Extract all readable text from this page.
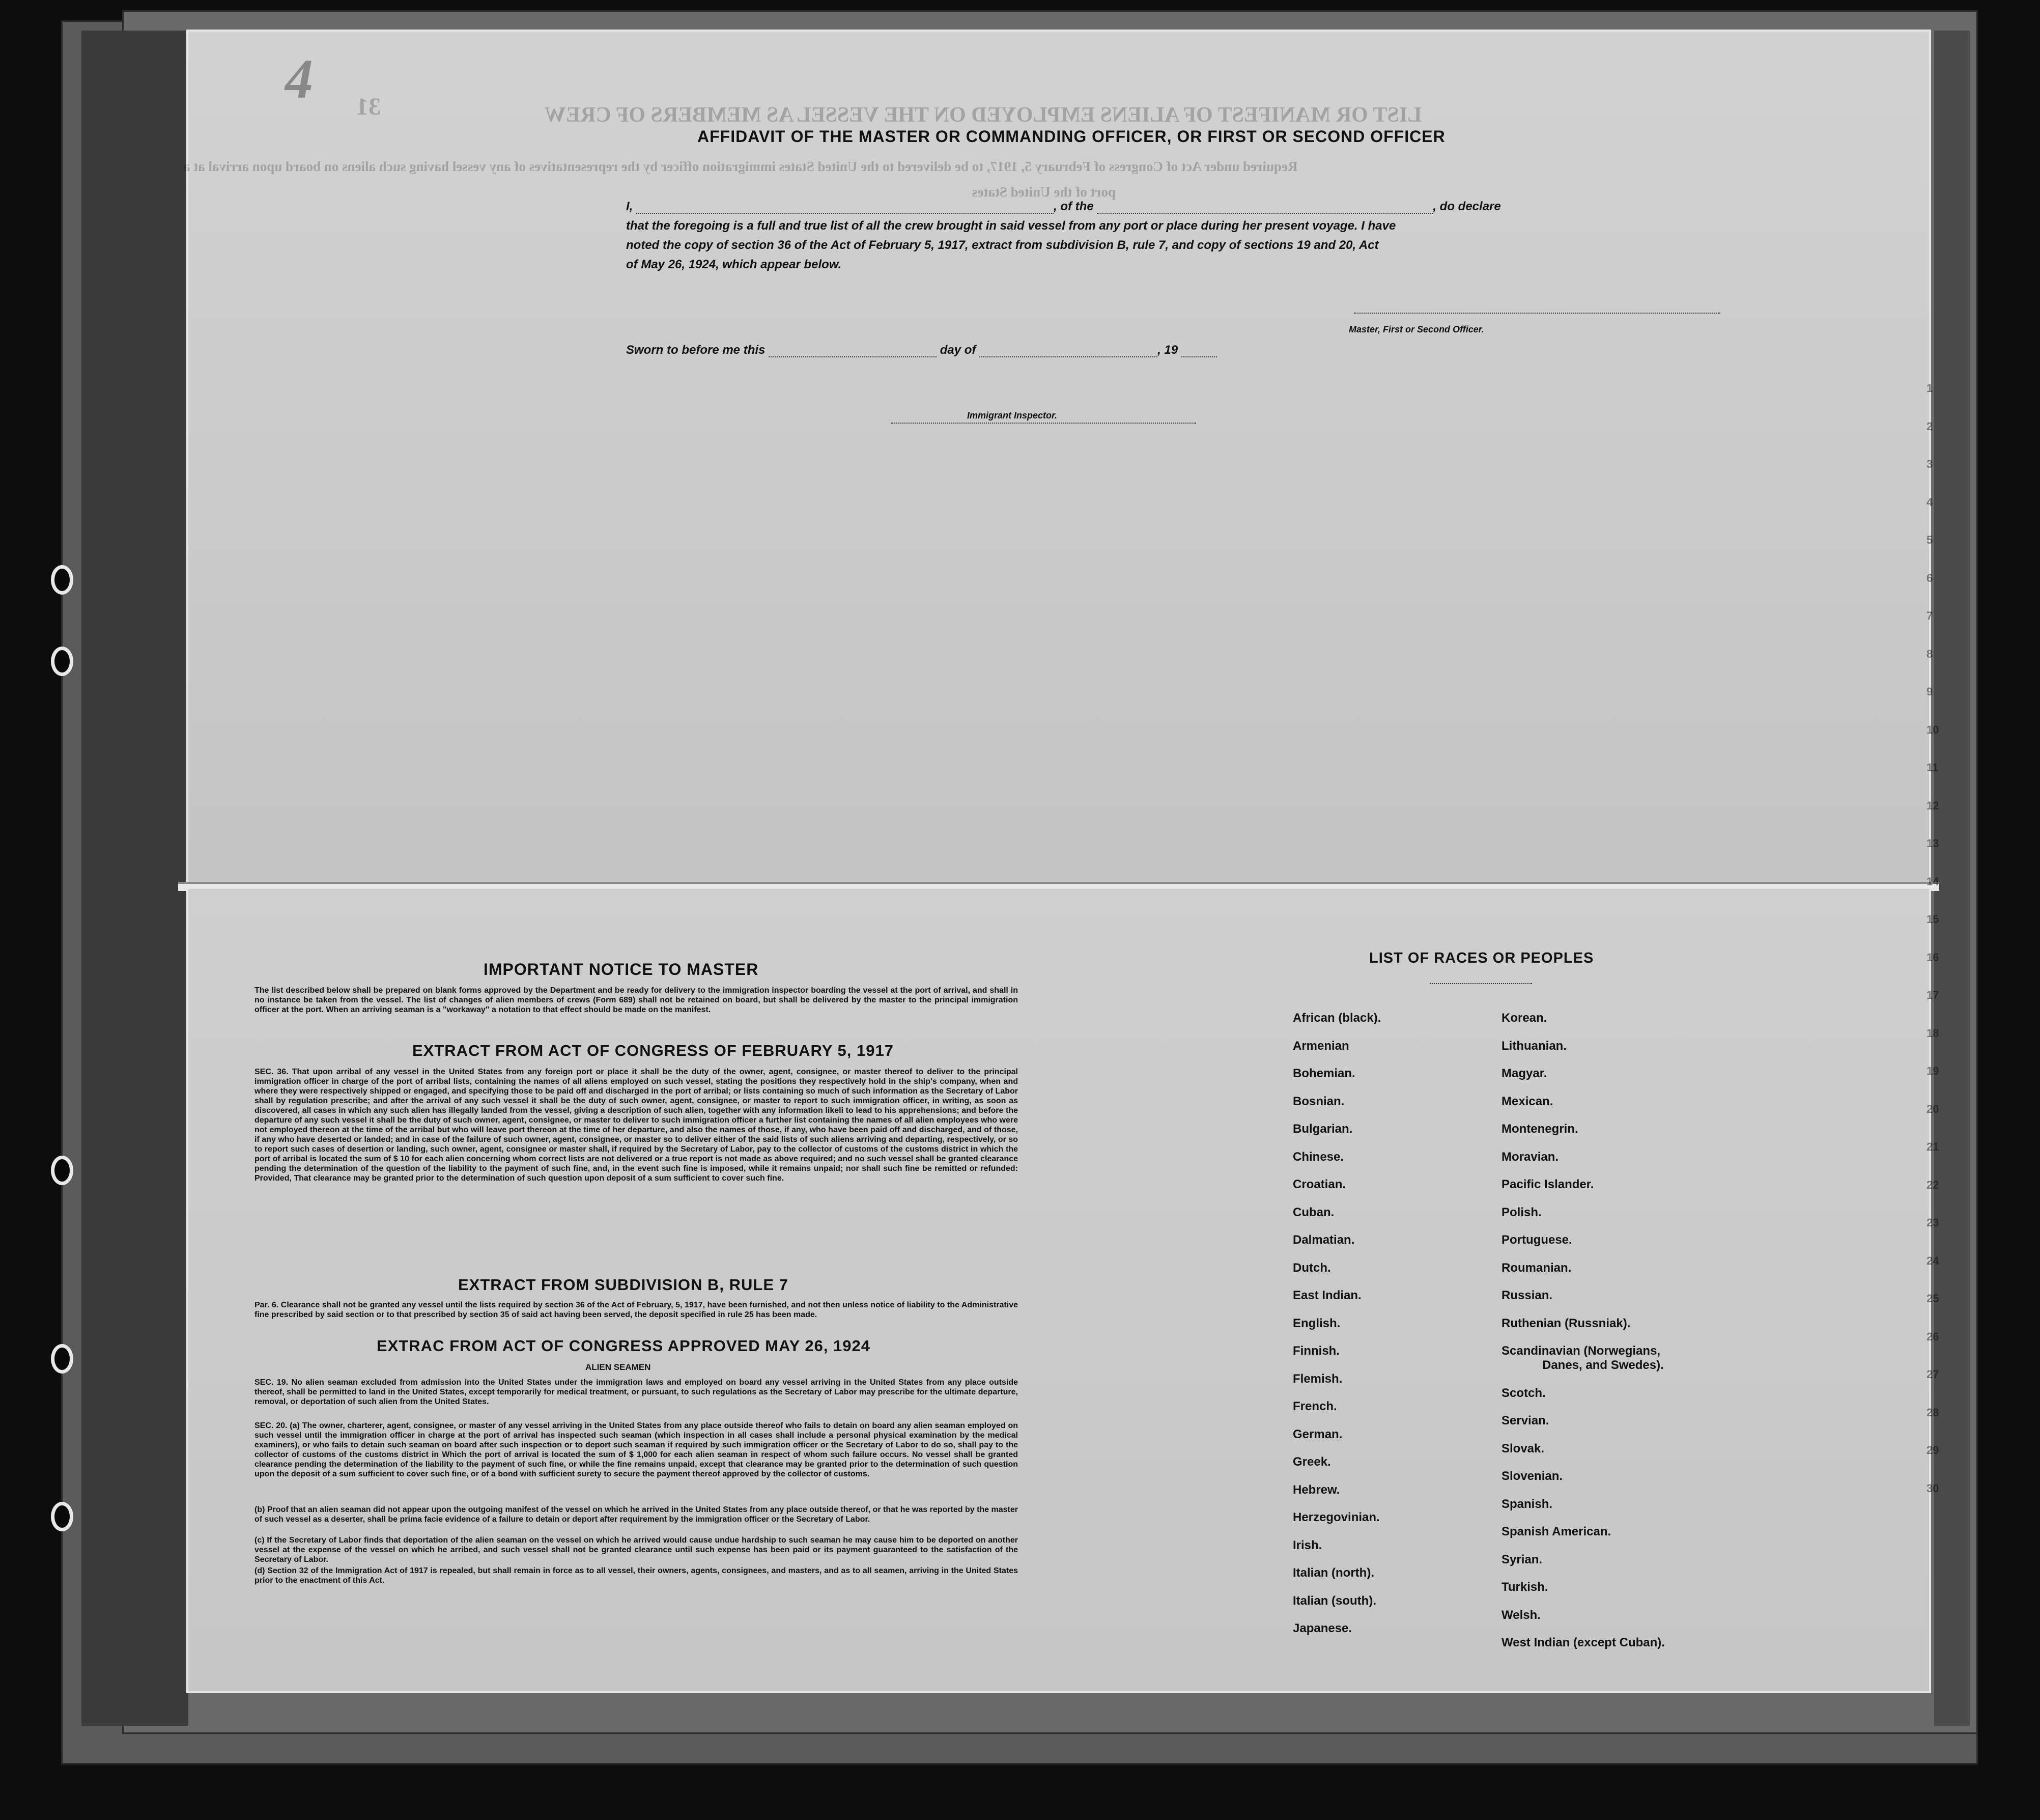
LIST OR MANIFEST OF ALIENS EMPLOYED ON THE VESSEL AS MEMBERS OF CREW
31
Required under Act of Congress of February 5, 1917, to be delivered to the United States immigration officer by the representatives of any vessel having such aliens on board upon arrival at a
port of the United States
4
AFFIDAVIT OF THE MASTER OR COMMANDING OFFICER, OR FIRST OR SECOND OFFICER
I,	, of the	, do declare
that the foregoing is a full and true list of all the crew brought in said vessel from any port or place during her present voyage. I have
noted the copy of section 36 of the Act of February 5, 1917, extract from subdivision B, rule 7, and copy of sections 19 and 20, Act
of May 26, 1924, which appear below.
Master, First or Second Officer.
Sworn to before me this	day of	, 19
Immigrant Inspector.
IMPORTANT NOTICE TO MASTER
The list described below shall be prepared on blank forms approved by the Department and be ready for delivery to the immigration inspector boarding the vessel at the port of arrival, and shall in no instance be taken from the vessel. The list of changes of alien members of crews (Form 689) shall not be retained on board, but shall be delivered by the master to the principal immigration officer at the port. When an arriving seaman is a "workaway" a notation to that effect should be made on the manifest.
EXTRACT FROM ACT OF CONGRESS OF FEBRUARY 5, 1917
SEC. 36. That upon arribal of any vessel in the United States from any foreign port or place it shall be the duty of the owner, agent, consignee, or master thereof to deliver to the principal immigration officer in charge of the port of arribal lists, containing the names of all aliens employed on such vessel, stating the positions they respectively hold in the ship's company, when and where they were respectively shipped or engaged, and specifying those to be paid off and discharged in the port of arribal; or lists containing so much of such information as the Secretary of Labor shall by regulation prescribe; and after the arrival of any such vessel it shall be the duty of such owner, agent, consignee, or master to report to such immigration officer, in writing, as soon as discovered, all cases in which any such alien has illegally landed from the vessel, giving a description of such alien, together with any information likeli to lead to his apprehensions; and before the departure of any such vessel it shall be the duty of such owner, agent, consignee, or master to deliver to such immigration officer a further list containing the names of all alien employees who were not employed thereon at the time of the arribal but who will leave port thereon at the time of her departure, and also the names of those, if any, who have been paid off and discharged, and of those, if any who have deserted or landed; and in case of the failure of such owner, agent, consignee, or master so to deliver either of the said lists of such aliens arriving and departing, respectively, or so to report such cases of desertion or landing, such owner, agent, consignee or master shall, if required by the Secretary of Labor, pay to the collector of customs of the customs district in which the port of arribal is located the sum of $ 10 for each alien concerning whom correct lists are not delivered or a true report is not made as above required; and no such vessel shall be granted clearance pending the determination of the question of the liability to the payment of such fine, and, in the event such fine is imposed, while it remains unpaid; nor shall such fine be remitted or refunded: Provided, That clearance may be granted prior to the determination of such question upon deposit of a sum sufficient to cover such fine.
EXTRACT FROM SUBDIVISION B, RULE 7
Par. 6. Clearance shall not be granted any vessel until the lists required by section 36 of the Act of February, 5, 1917, have been furnished, and not then unless notice of liability to the Administrative fine prescribed by said section or to that prescribed by section 35 of said act having been served, the deposit specified in rule 25 has been made.
EXTRAC FROM ACT OF CONGRESS APPROVED MAY 26, 1924
ALIEN SEAMEN
SEC. 19. No alien seaman excluded from admission into the United States under the immigration laws and employed on board any vessel arriving in the United States from any place outside thereof, shall be permitted to land in the United States, except temporarily for medical treatment, or pursuant, to such regulations as the Secretary of Labor may prescribe for the ultimate departure, removal, or deportation of such alien from the United States.
SEC. 20. (a) The owner, charterer, agent, consignee, or master of any vessel arriving in the United States from any place outside thereof who fails to detain on board any alien seaman employed on such vessel until the immigration officer in charge at the port of arrival has inspected such seaman (which inspection in all cases shall include a personal physical examination by the medical examiners), or who fails to detain such seaman on board after such inspection or to deport such seaman if required by such immigration officer or the Secretary of Labor to do so, shall pay to the collector of customs of the customs district in Which the port of arrival is located the sum of $ 1,000 for each alien seaman in respect of whom such failure occurs. No vessel shall be granted clearance pending the determination of the liability to the payment of such fine, or while the fine remains unpaid, except that clearance may be granted prior to the determination of such question upon the deposit of a sum sufficient to cover such fine, or of a bond with sufficient surety to secure the payment thereof approved by the collector of customs.
(b) Proof that an alien seaman did not appear upon the outgoing manifest of the vessel on which he arrived in the United States from any place outside thereof, or that he was reported by the master of such vessel as a deserter, shall be prima facie evidence of a failure to detain or deport after requirement by the immigration officer or the Secretary of Labor.
(c) If the Secretary of Labor finds that deportation of the alien seaman on the vessel on which he arrived would cause undue hardship to such seaman he may cause him to be deported on another vessel at the expense of the vessel on which he arribed, and such vessel shall not be granted clearance until such expense has been paid or its payment guaranteed to the satisfaction of the Secretary of Labor.
(d) Section 32 of the Immigration Act of 1917 is repealed, but shall remain in force as to all vessel, their owners, agents, consignees, and masters, and as to all seamen, arriving in the United States prior to the enactment of this Act.
LIST OF RACES OR PEOPLES
African (black).
Armenian
Bohemian.
Bosnian.
Bulgarian.
Chinese.
Croatian.
Cuban.
Dalmatian.
Dutch.
East Indian.
English.
Finnish.
Flemish.
French.
German.
Greek.
Hebrew.
Herzegovinian.
Irish.
Italian (north).
Italian (south).
Japanese.
Korean.
Lithuanian.
Magyar.
Mexican.
Montenegrin.
Moravian.
Pacific Islander.
Polish.
Portuguese.
Roumanian.
Russian.
Ruthenian (Russniak).
Scandinavian (Norwegians,
Danes, and Swedes).
Scotch.
Servian.
Slovak.
Slovenian.
Spanish.
Spanish American.
Syrian.
Turkish.
Welsh.
West Indian (except Cuban).
1
2
3
4
5
6
7
8
9
10
11
12
13
14
15
16
17
18
19
20
21
22
23
24
25
26
27
28
29
30
